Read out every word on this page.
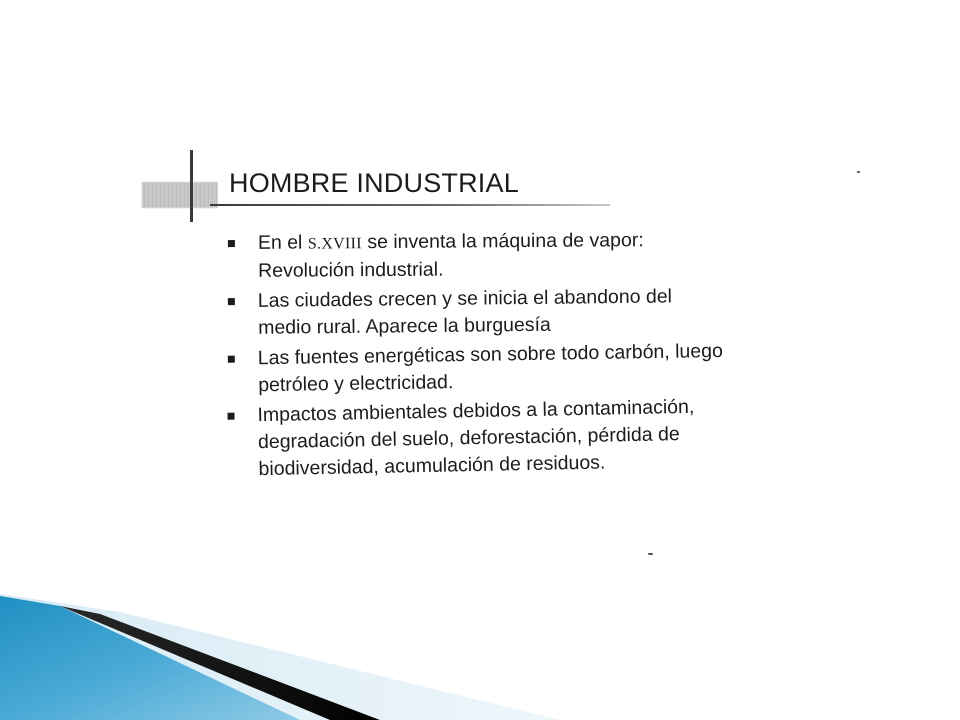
HOMBRE INDUSTRIAL
En el S.XVIII se inventa la máquina de vapor:
Revolución industrial.
Las ciudades crecen y se inicia el abandono del
medio rural. Aparece la burguesía
Las fuentes energéticas son sobre todo carbón, luego
petróleo y electricidad.
Impactos ambientales debidos a la contaminación,
degradación del suelo, deforestación, pérdida de
biodiversidad, acumulación de residuos.
